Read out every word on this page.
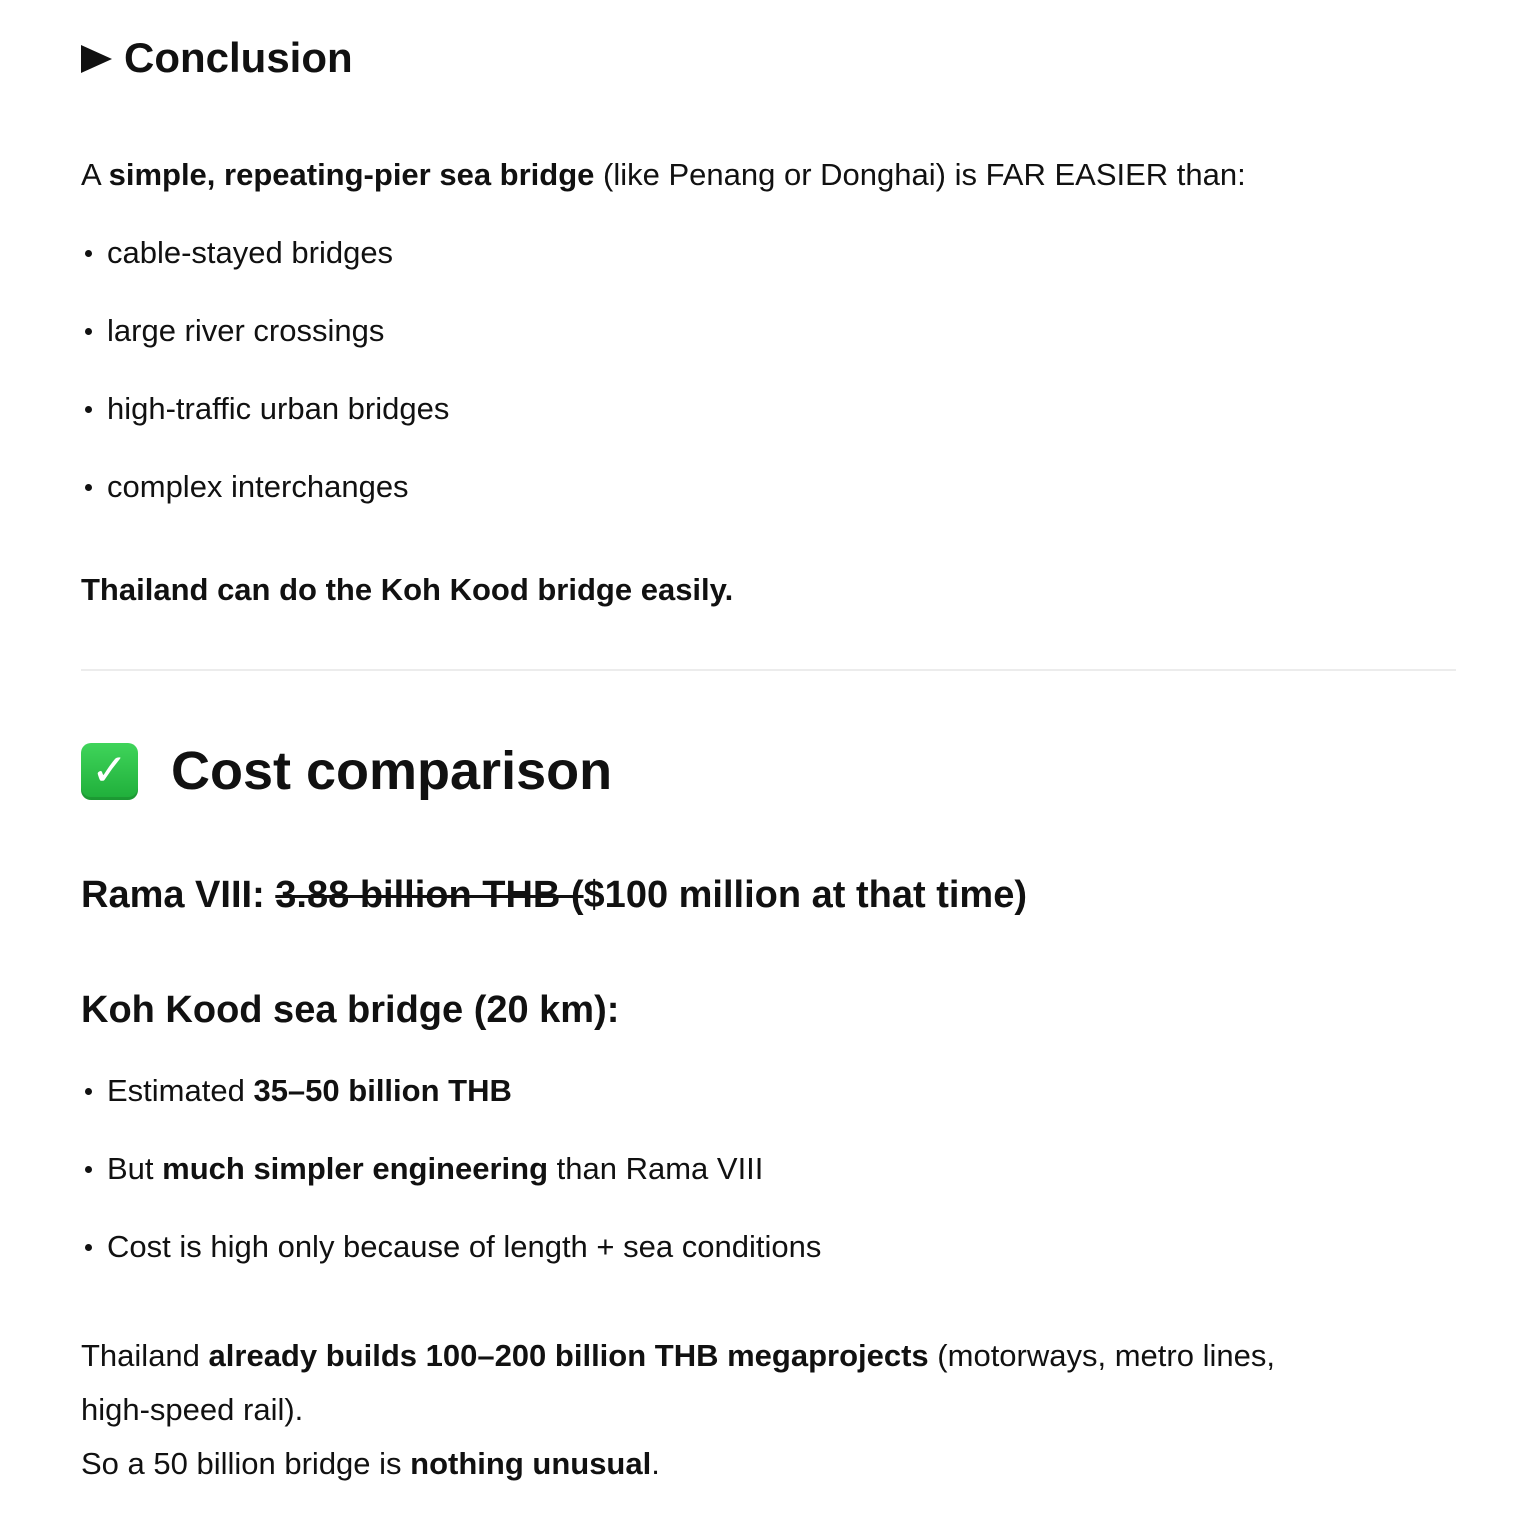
Conclusion
A simple, repeating-pier sea bridge (like Penang or Donghai) is FAR EASIER than:
cable-stayed bridges
large river crossings
high-traffic urban bridges
complex interchanges
Thailand can do the Koh Kood bridge easily.
✓ Cost comparison
Rama VIII: 3.88 billion THB ($100 million at that time)
Koh Kood sea bridge (20 km):
Estimated 35–50 billion THB
But much simpler engineering than Rama VIII
Cost is high only because of length + sea conditions
Thailand already builds 100–200 billion THB megaprojects (motorways, metro lines,
high-speed rail).
So a 50 billion bridge is nothing unusual.
